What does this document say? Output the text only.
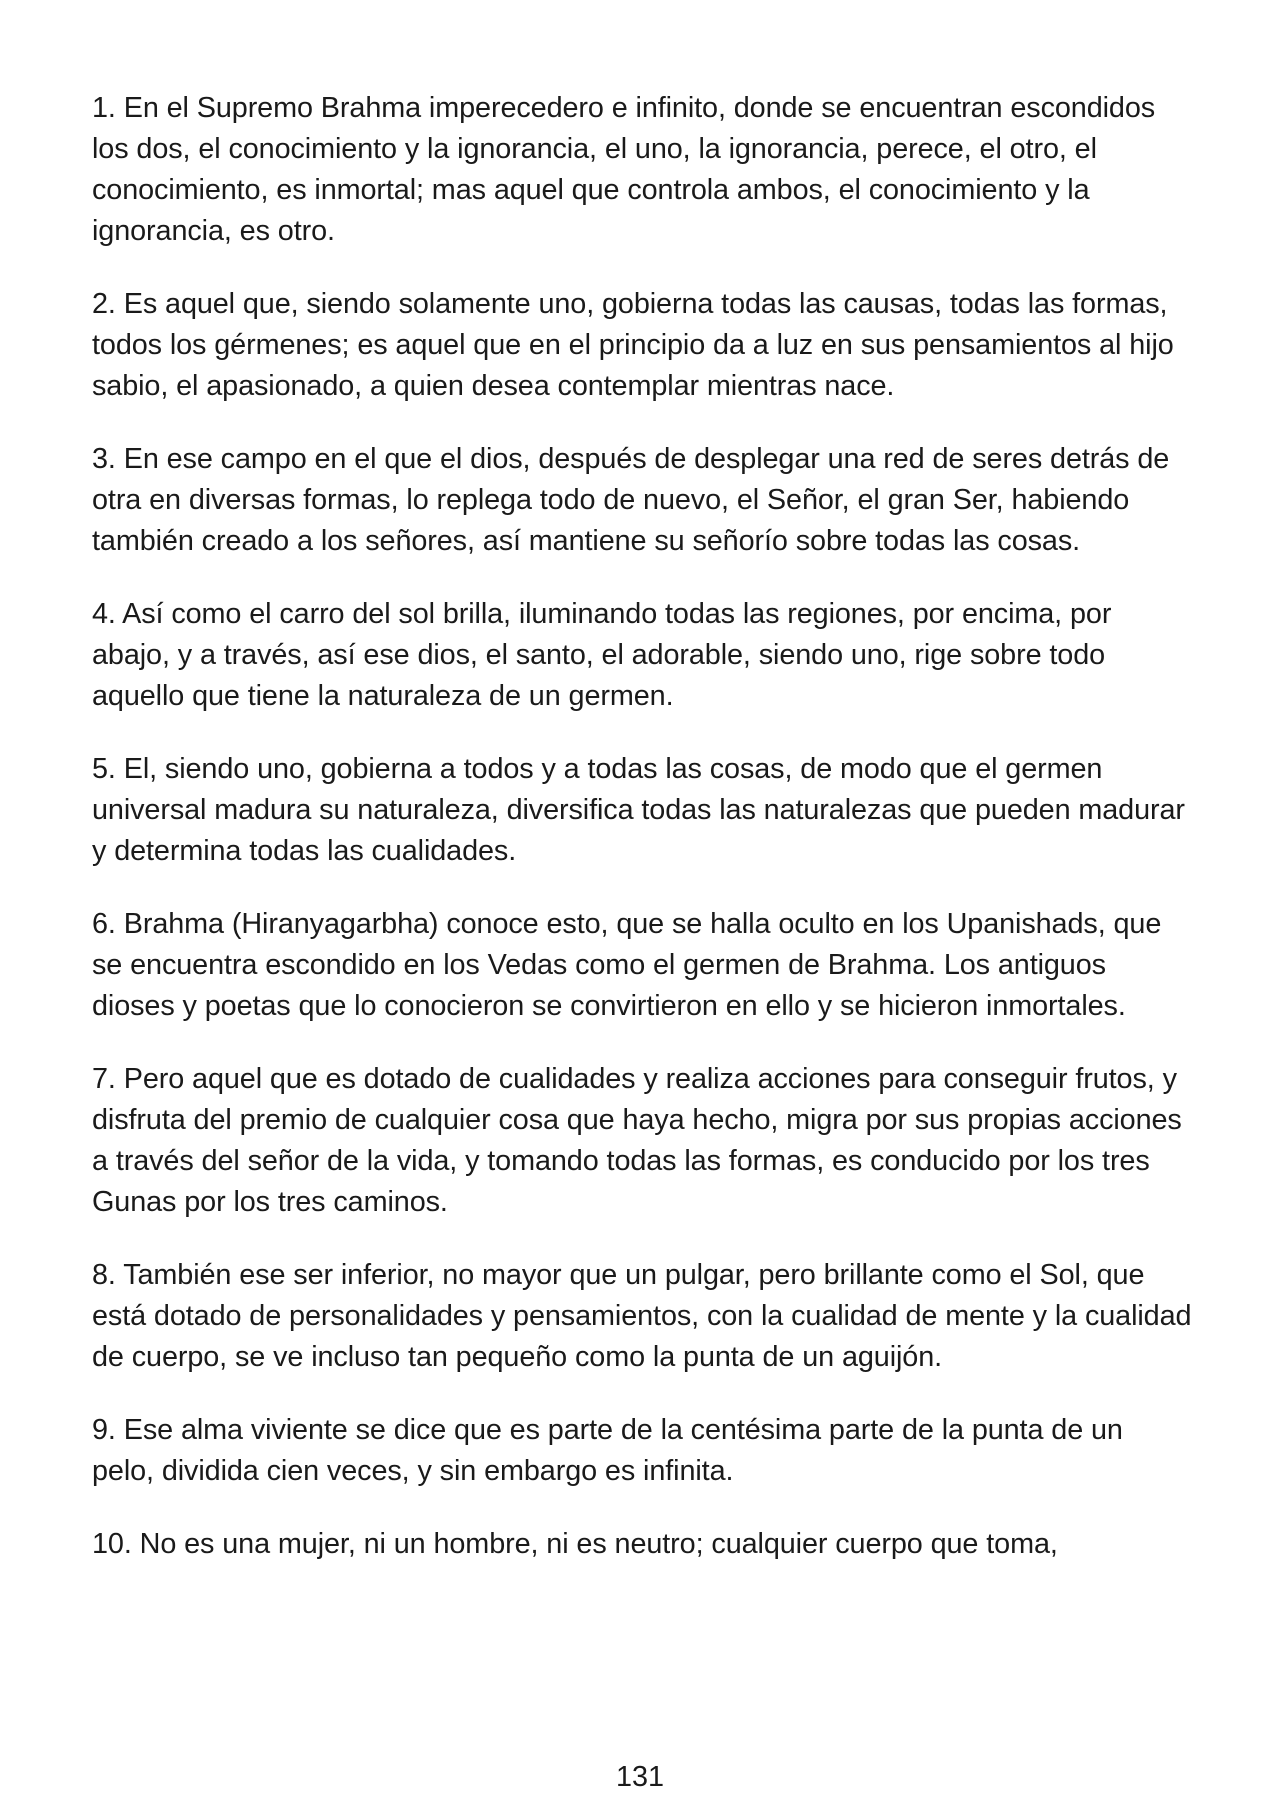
1. En el Supremo Brahma imperecedero e infinito, donde se encuentran escondidos los dos, el conocimiento y la ignorancia, el uno, la ignorancia, perece, el otro, el conocimiento, es inmortal; mas aquel que controla ambos, el conocimiento y la ignorancia, es otro.

2. Es aquel que, siendo solamente uno, gobierna todas las causas, todas las formas, todos los gérmenes; es aquel que en el principio da a luz en sus pensamientos al hijo sabio, el apasionado, a quien desea contemplar mientras nace.

3. En ese campo en el que el dios, después de desplegar una red de seres detrás de otra en diversas formas, lo replega todo de nuevo, el Señor, el gran Ser, habiendo también creado a los señores, así mantiene su señorío sobre todas las cosas.

4. Así como el carro del sol brilla, iluminando todas las regiones, por encima, por abajo, y a través, así ese dios, el santo, el adorable, siendo uno, rige sobre todo aquello que tiene la naturaleza de un germen.

5. El, siendo uno, gobierna a todos y a todas las cosas, de modo que el germen universal madura su naturaleza, diversifica todas las naturalezas que pueden madurar y determina todas las cualidades.

6. Brahma (Hiranyagarbha) conoce esto, que se halla oculto en los Upanishads, que se encuentra escondido en los Vedas como el germen de Brahma. Los antiguos dioses y poetas que lo conocieron se convirtieron en ello y se hicieron inmortales.

7. Pero aquel que es dotado de cualidades y realiza acciones para conseguir frutos, y disfruta del premio de cualquier cosa que haya hecho, migra por sus propias acciones a través del señor de la vida, y tomando todas las formas, es conducido por los tres Gunas por los tres caminos.

8. También ese ser inferior, no mayor que un pulgar, pero brillante como el Sol, que está dotado de personalidades y pensamientos, con la cualidad de mente y la cualidad de cuerpo, se ve incluso tan pequeño como la punta de un aguijón.

9. Ese alma viviente se dice que es parte de la centésima parte de la punta de un pelo, dividida cien veces, y sin embargo es infinita.

10. No es una mujer, ni un hombre, ni es neutro; cualquier cuerpo que toma,

131
